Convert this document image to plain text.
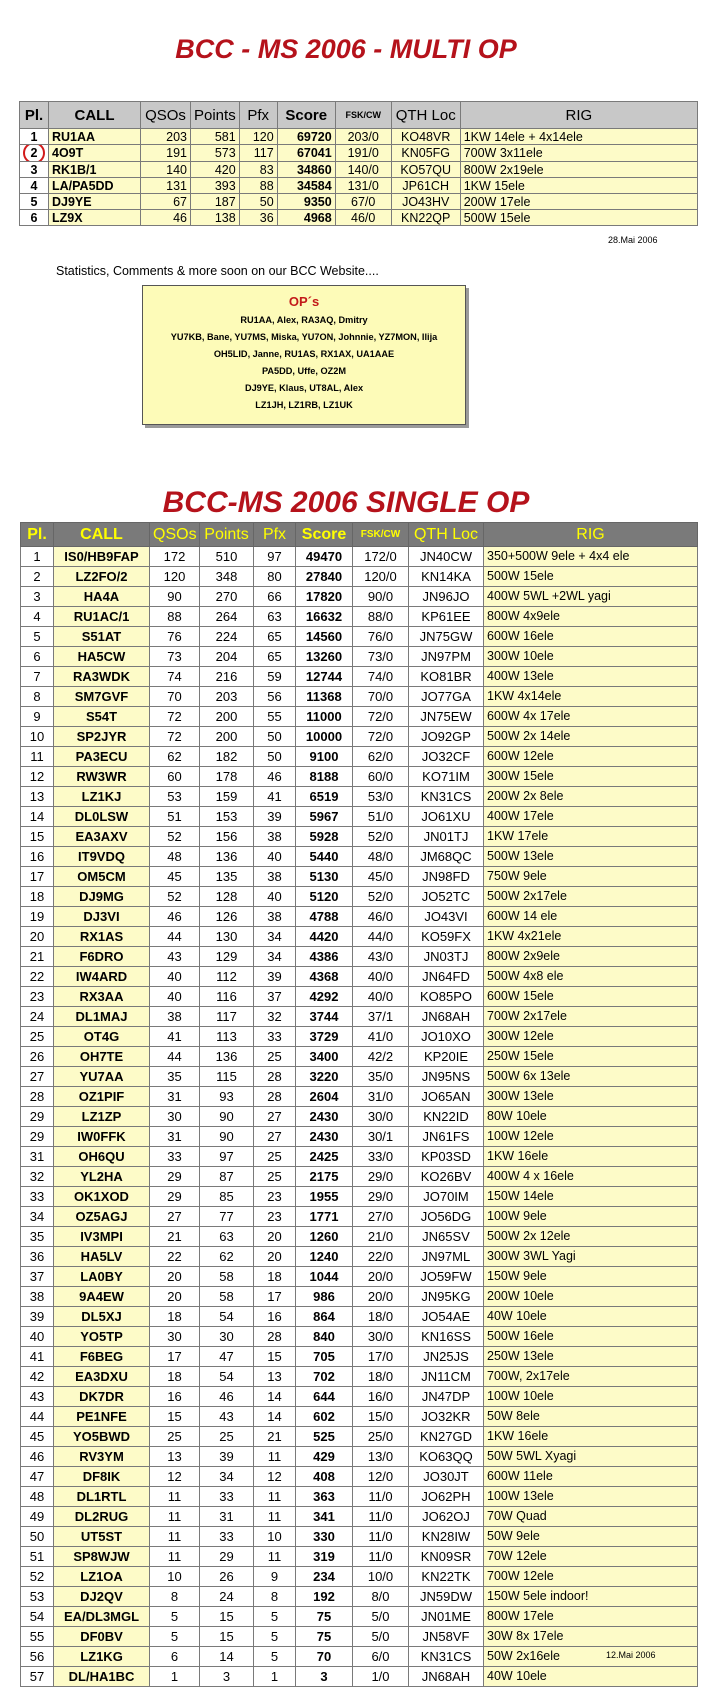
BCC - MS 2006 - MULTI OP
Pl.	CALL	QSOs	Points	Pfx	Score	FSK/CW	QTH Loc	RIG
1	RU1AA	203	581	120	69720	203/0	KO48VR	1KW 14ele + 4x14ele
2	4O9T	191	573	117	67041	191/0	KN05FG	700W 3x11ele
3	RK1B/1	140	420	83	34860	140/0	KO57QU	800W 2x19ele
4	LA/PA5DD	131	393	88	34584	131/0	JP61CH	1KW 15ele
5	DJ9YE	67	187	50	9350	67/0	JO43HV	200W 17ele
6	LZ9X	46	138	36	4968	46/0	KN22QP	500W 15ele
28.Mai 2006
Statistics, Comments & more soon on our BCC Website....
OP´s
RU1AA, Alex, RA3AQ, Dmitry
YU7KB, Bane, YU7MS, Miska, YU7ON, Johnnie, YZ7MON, Ilija
OH5LID, Janne, RU1AS, RX1AX, UA1AAE
PA5DD, Uffe, OZ2M
DJ9YE, Klaus, UT8AL, Alex
LZ1JH, LZ1RB, LZ1UK
BCC-MS 2006 SINGLE OP
Pl.	CALL	QSOs	Points	Pfx	Score	FSK/CW	QTH Loc	RIG
1	IS0/HB9FAP	172	510	97	49470	172/0	JN40CW	350+500W 9ele + 4x4 ele
2	LZ2FO/2	120	348	80	27840	120/0	KN14KA	500W 15ele
3	HA4A	90	270	66	17820	90/0	JN96JO	400W 5WL +2WL yagi
4	RU1AC/1	88	264	63	16632	88/0	KP61EE	800W 4x9ele
5	S51AT	76	224	65	14560	76/0	JN75GW	600W 16ele
6	HA5CW	73	204	65	13260	73/0	JN97PM	300W 10ele
7	RA3WDK	74	216	59	12744	74/0	KO81BR	400W 13ele
8	SM7GVF	70	203	56	11368	70/0	JO77GA	1KW 4x14ele
9	S54T	72	200	55	11000	72/0	JN75EW	600W 4x 17ele
10	SP2JYR	72	200	50	10000	72/0	JO92GP	500W 2x 14ele
11	PA3ECU	62	182	50	9100	62/0	JO32CF	600W 12ele
12	RW3WR	60	178	46	8188	60/0	KO71IM	300W 15ele
13	LZ1KJ	53	159	41	6519	53/0	KN31CS	200W 2x 8ele
14	DL0LSW	51	153	39	5967	51/0	JO61XU	400W 17ele
15	EA3AXV	52	156	38	5928	52/0	JN01TJ	1KW 17ele
16	IT9VDQ	48	136	40	5440	48/0	JM68QC	500W 13ele
17	OM5CM	45	135	38	5130	45/0	JN98FD	750W 9ele
18	DJ9MG	52	128	40	5120	52/0	JO52TC	500W 2x17ele
19	DJ3VI	46	126	38	4788	46/0	JO43VI	600W 14 ele
20	RX1AS	44	130	34	4420	44/0	KO59FX	1KW 4x21ele
21	F6DRO	43	129	34	4386	43/0	JN03TJ	800W 2x9ele
22	IW4ARD	40	112	39	4368	40/0	JN64FD	500W 4x8 ele
23	RX3AA	40	116	37	4292	40/0	KO85PO	600W 15ele
24	DL1MAJ	38	117	32	3744	37/1	JN68AH	700W 2x17ele
25	OT4G	41	113	33	3729	41/0	JO10XO	300W 12ele
26	OH7TE	44	136	25	3400	42/2	KP20IE	250W 15ele
27	YU7AA	35	115	28	3220	35/0	JN95NS	500W 6x 13ele
28	OZ1PIF	31	93	28	2604	31/0	JO65AN	300W 13ele
29	LZ1ZP	30	90	27	2430	30/0	KN22ID	80W 10ele
29	IW0FFK	31	90	27	2430	30/1	JN61FS	100W 12ele
31	OH6QU	33	97	25	2425	33/0	KP03SD	1KW 16ele
32	YL2HA	29	87	25	2175	29/0	KO26BV	400W 4 x 16ele
33	OK1XOD	29	85	23	1955	29/0	JO70IM	150W 14ele
34	OZ5AGJ	27	77	23	1771	27/0	JO56DG	100W 9ele
35	IV3MPI	21	63	20	1260	21/0	JN65SV	500W 2x 12ele
36	HA5LV	22	62	20	1240	22/0	JN97ML	300W 3WL Yagi
37	LA0BY	20	58	18	1044	20/0	JO59FW	150W 9ele
38	9A4EW	20	58	17	986	20/0	JN95KG	200W 10ele
39	DL5XJ	18	54	16	864	18/0	JO54AE	40W 10ele
40	YO5TP	30	30	28	840	30/0	KN16SS	500W 16ele
41	F6BEG	17	47	15	705	17/0	JN25JS	250W 13ele
42	EA3DXU	18	54	13	702	18/0	JN11CM	700W, 2x17ele
43	DK7DR	16	46	14	644	16/0	JN47DP	100W 10ele
44	PE1NFE	15	43	14	602	15/0	JO32KR	50W 8ele
45	YO5BWD	25	25	21	525	25/0	KN27GD	1KW 16ele
46	RV3YM	13	39	11	429	13/0	KO63QQ	50W 5WL Xyagi
47	DF8IK	12	34	12	408	12/0	JO30JT	600W 11ele
48	DL1RTL	11	33	11	363	11/0	JO62PH	100W 13ele
49	DL2RUG	11	31	11	341	11/0	JO62OJ	70W Quad
50	UT5ST	11	33	10	330	11/0	KN28IW	50W 9ele
51	SP8WJW	11	29	11	319	11/0	KN09SR	70W 12ele
52	LZ1OA	10	26	9	234	10/0	KN22TK	700W 12ele
53	DJ2QV	8	24	8	192	8/0	JN59DW	150W 5ele indoor!
54	EA/DL3MGL	5	15	5	75	5/0	JN01ME	800W 17ele
55	DF0BV	5	15	5	75	5/0	JN58VF	30W 8x 17ele
56	LZ1KG	6	14	5	70	6/0	KN31CS	50W 2x16ele
57	DL/HA1BC	1	3	1	3	1/0	JN68AH	40W 10ele
12.Mai 2006
